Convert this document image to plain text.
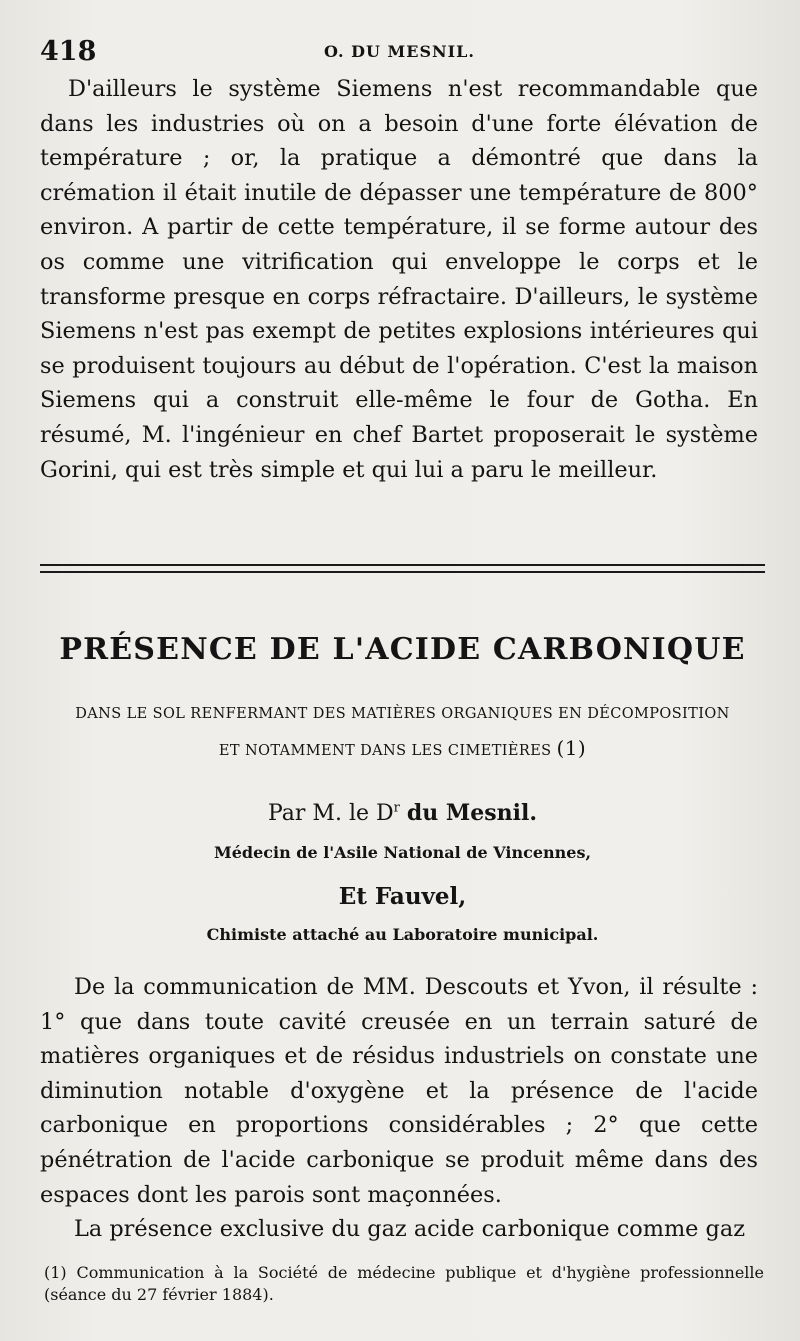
418	O. DU MESNIL.

D'ailleurs le système Siemens n'est recommandable que dans les industries où on a besoin d'une forte élévation de température ; or, la pratique a démontré que dans la crémation il était inutile de dépasser une température de 800° environ. A partir de cette température, il se forme autour des os comme une vitrification qui enveloppe le corps et le transforme presque en corps réfractaire. D'ailleurs, le système Siemens n'est pas exempt de petites explosions intérieures qui se produisent toujours au début de l'opération. C'est la maison Siemens qui a construit elle-même le four de Gotha. En résumé, M. l'ingénieur en chef Bartet proposerait le système Gorini, qui est très simple et qui lui a paru le meilleur.

PRÉSENCE DE L'ACIDE CARBONIQUE
DANS LE SOL RENFERMANT DES MATIÈRES ORGANIQUES EN DÉCOMPOSITION
ET NOTAMMENT DANS LES CIMETIÈRES (1)
Par M. le $D^r$ du Mesnil.
Médecin de l'Asile National de Vincennes,
Et Fauvel,
Chimiste attaché au Laboratoire municipal.

De la communication de MM. Descouts et Yvon, il résulte : 1° que dans toute cavité creusée en un terrain saturé de matières organiques et de résidus industriels on constate une diminution notable d'oxygène et la présence de l'acide carbonique en proportions considérables ; 2° que cette pénétration de l'acide carbonique se produit même dans des espaces dont les parois sont maçonnées.

La présence exclusive du gaz acide carbonique comme gaz

(1) Communication à la Société de médecine publique et d'hygiène professionnelle (séance du 27 février 1884).
